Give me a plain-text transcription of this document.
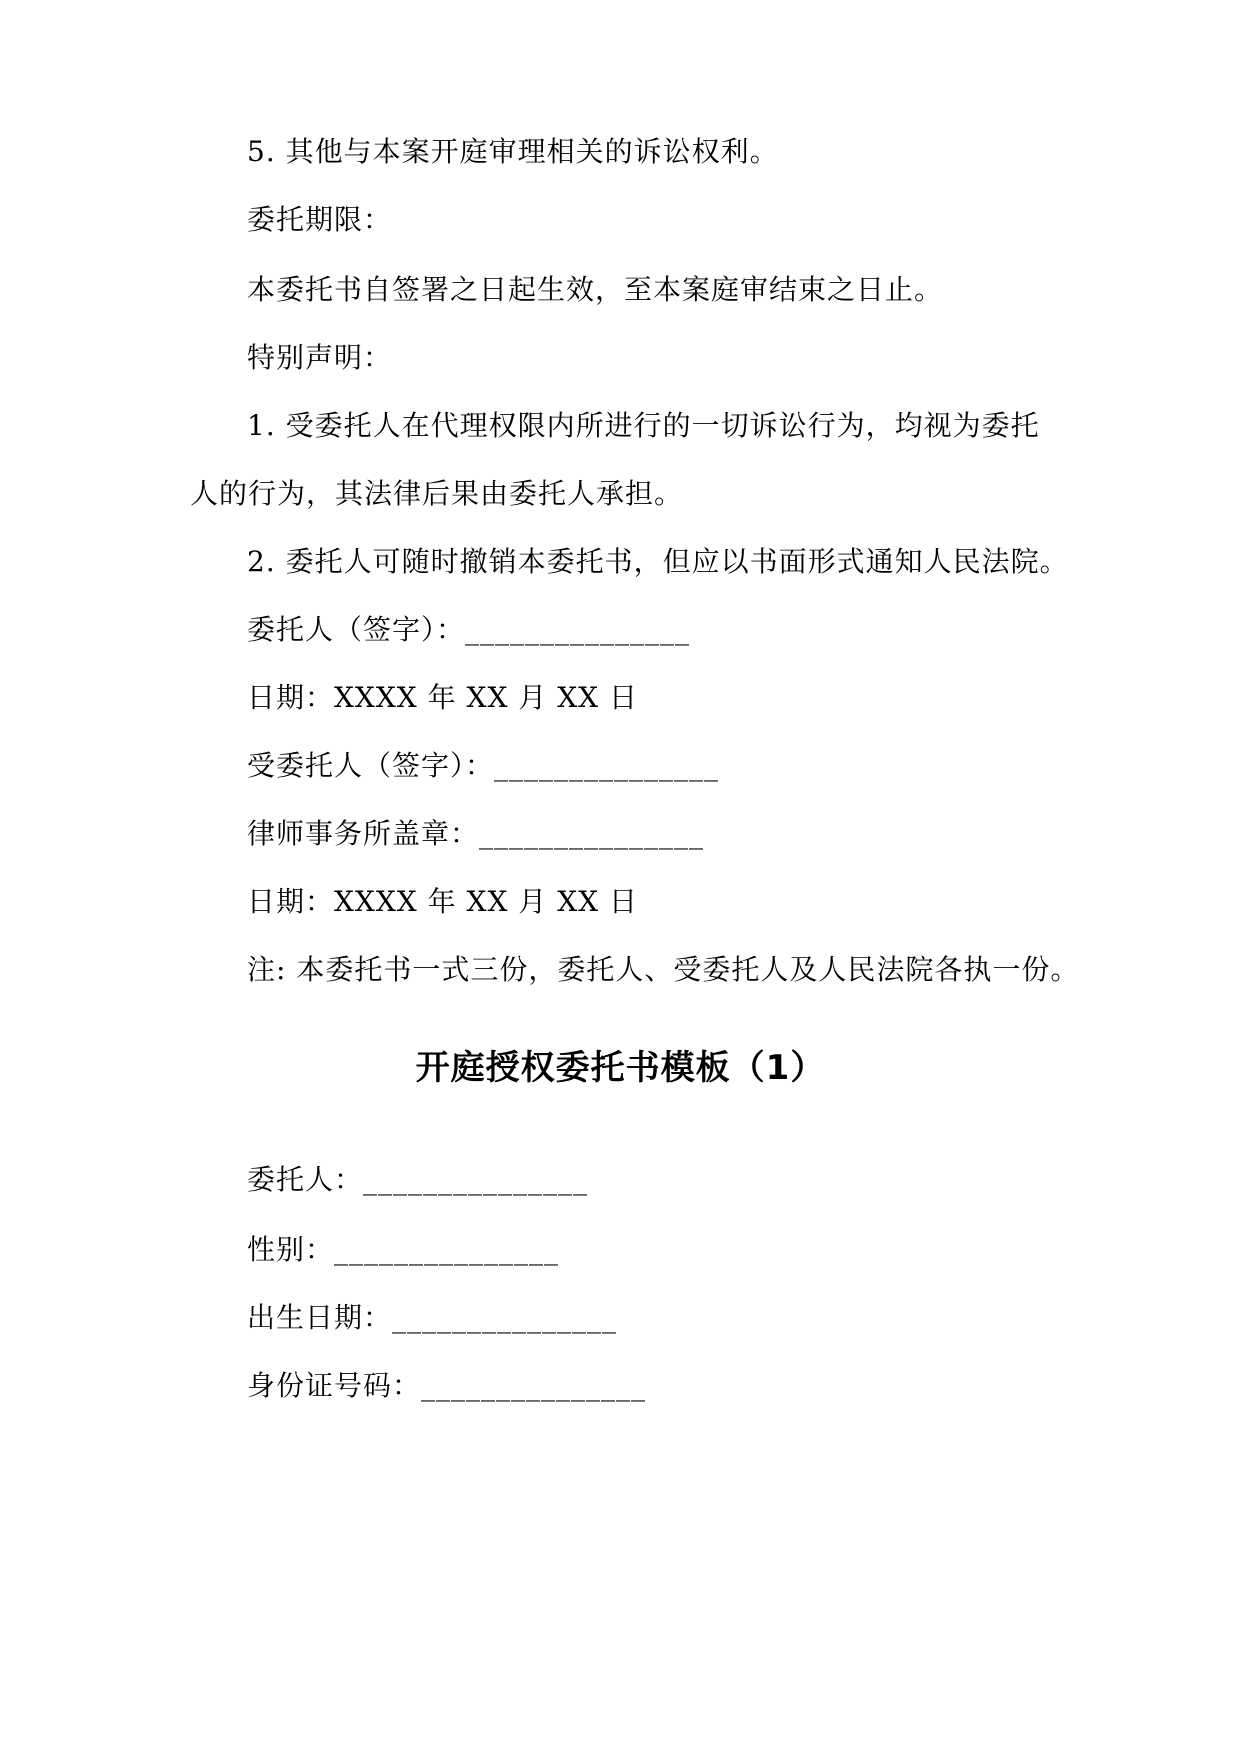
5. 其他与本案开庭审理相关的诉讼权利。
委托期限：
本委托书自签署之日起生效，至本案庭审结束之日止。
特别声明：
1. 受委托人在代理权限内所进行的一切诉讼行为，均视为委托
人的行为，其法律后果由委托人承担。
2. 委托人可随时撤销本委托书，但应以书面形式通知人民法院。
委托人（签字）：_______________
日期：XXXX 年 XX 月 XX 日
受委托人（签字）：_______________
律师事务所盖章：_______________
日期：XXXX 年 XX 月 XX 日
注: 本委托书一式三份，委托人、受委托人及人民法院各执一份。
开庭授权委托书模板（1）
委托人：_______________
性别：_______________
出生日期：_______________
身份证号码：_______________
